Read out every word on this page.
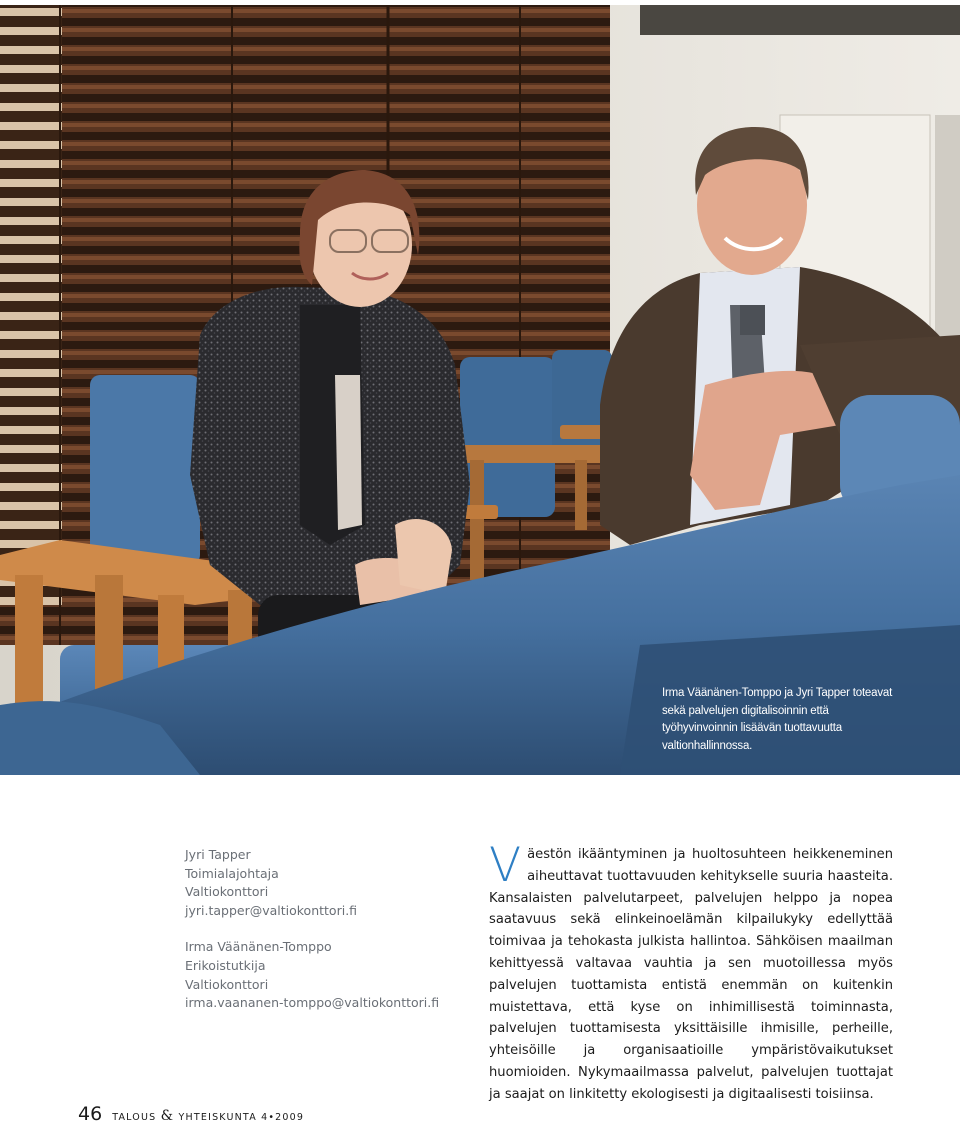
Irma Väänänen-Tomppo ja Jyri Tapper toteavat sekä palvelujen digitalisoinnin että työhyvinvoinnin lisäävän tuottavuutta valtionhallinnossa.
Jyri Tapper
Toimialajohtaja
Valtiokonttori
jyri.tapper@valtiokonttori.fi
Irma Väänänen-Tomppo
Erikoistutkija
Valtiokonttori
irma.vaananen-tomppo@valtiokonttori.fi
V äestön ikääntyminen ja huoltosuhteen heikkeneminen aiheuttavat tuottavuuden kehitykselle suuria haasteita. Kansalaisten palvelutarpeet, palvelujen helppo ja nopea saatavuus sekä elinkeinoelämän kilpailukyky edellyttää toimivaa ja tehokasta julkista hallintoa. Sähköisen maailman kehittyessä valtavaa vauhtia ja sen muotoillessa myös palvelujen tuottamista entistä enemmän on kuitenkin muistettava, että kyse on inhimillisestä toiminnasta, palvelujen tuottamisesta yksittäisille ihmisille, perheille, yhteisöille ja organisaatioille ympäristövaikutukset huomioiden. Nykymaailmassa palvelut, palvelujen tuottajat ja saajat on linkitetty ekologisesti ja digitaalisesti toisiinsa.
46 TALOUS & YHTEISKUNTA 4•2009
